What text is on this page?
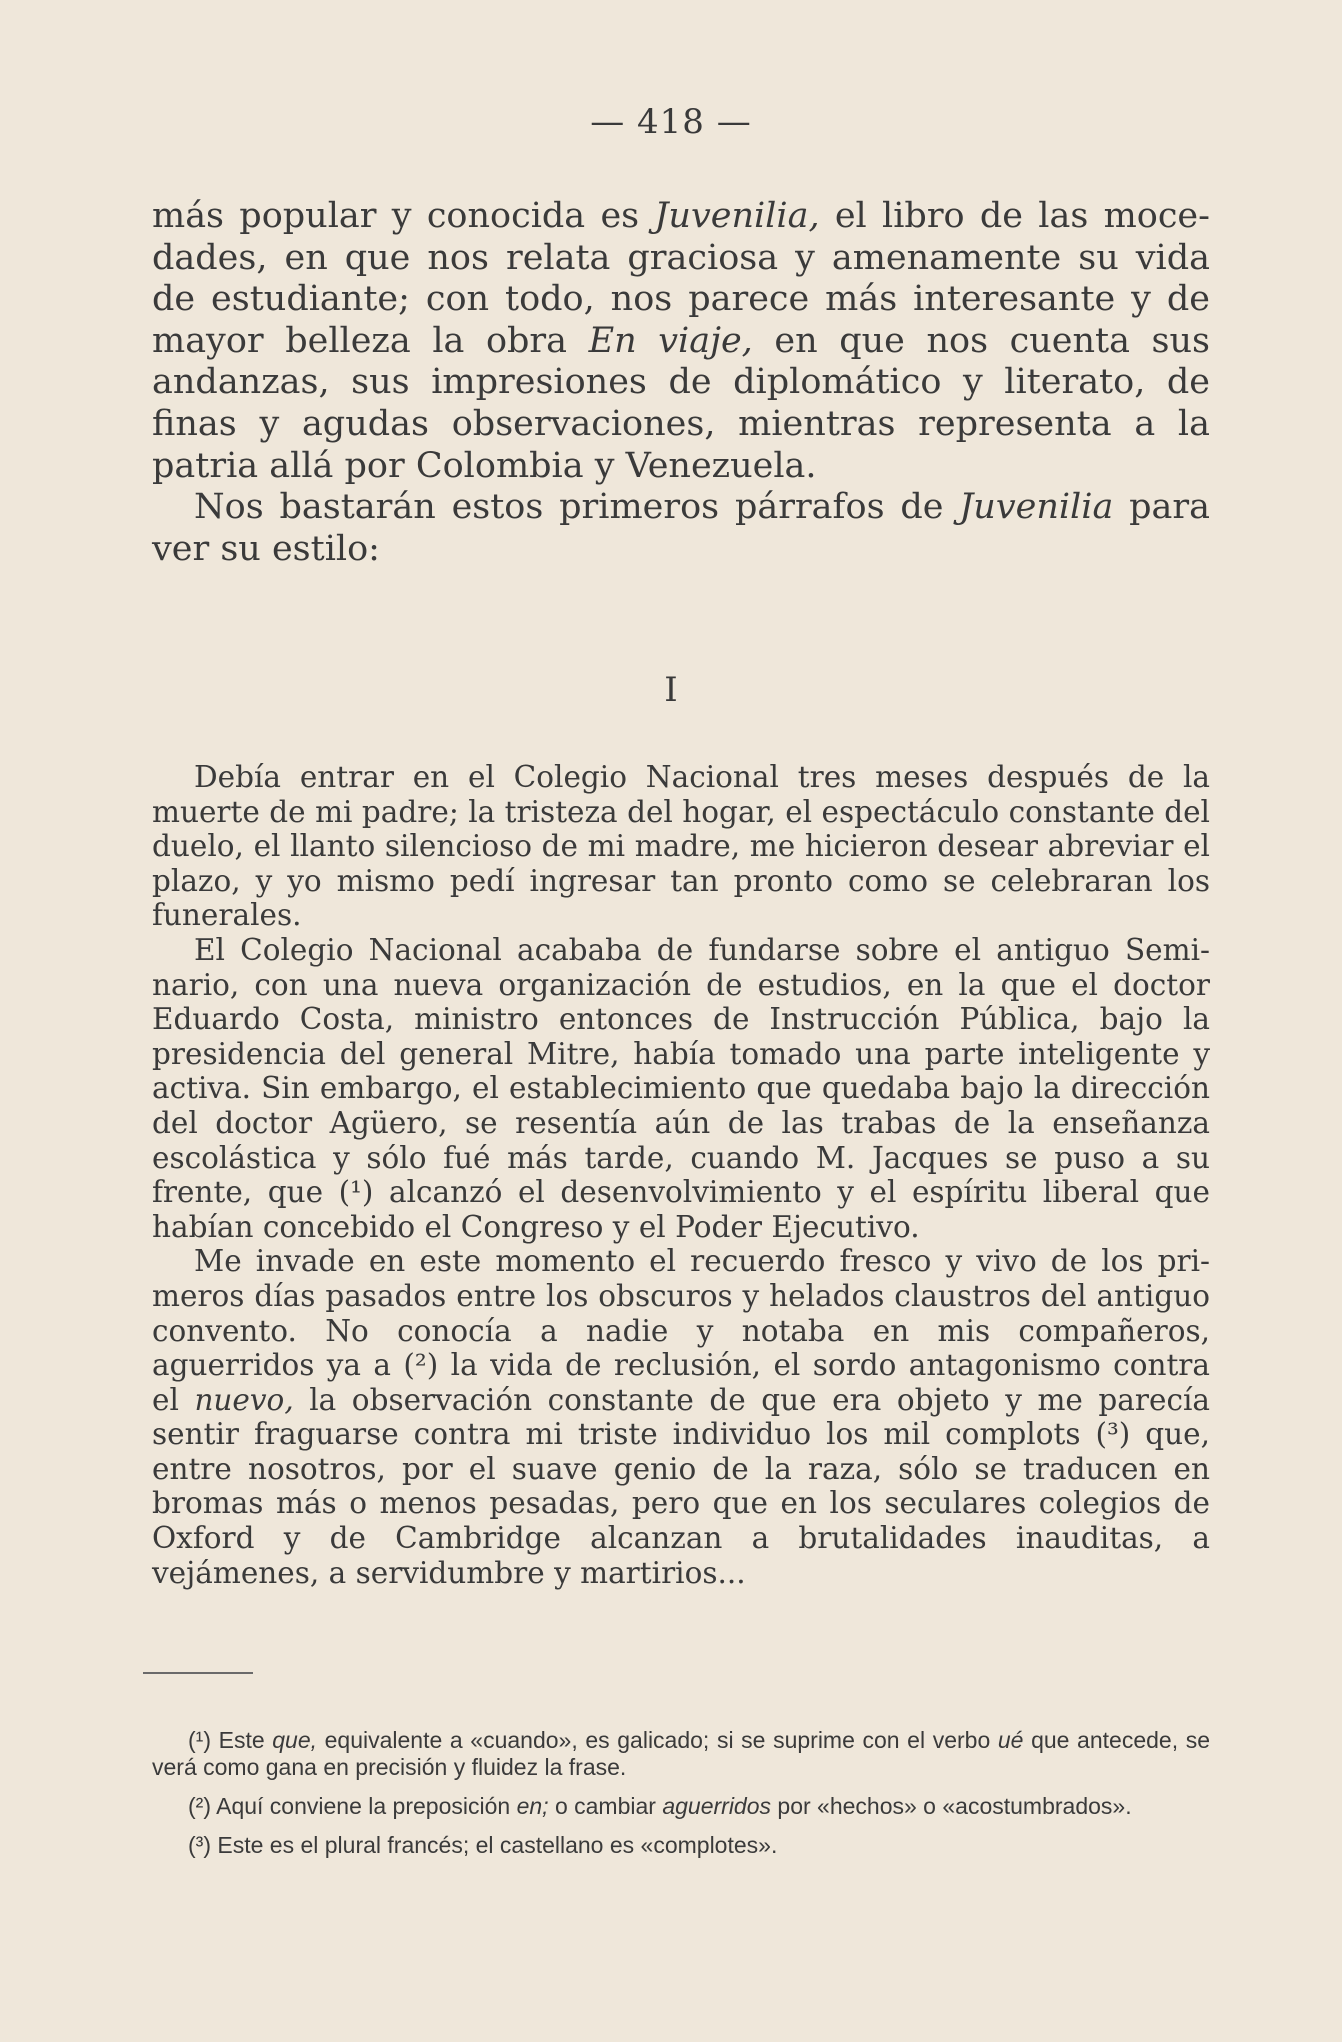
— 418 —

más popular y conocida es Juvenilia, el libro de las mocedades, en que nos relata graciosa y amenamente su vida de estudiante; con todo, nos parece más interesante y de mayor belleza la obra En viaje, en que nos cuenta sus andanzas, sus impresiones de diplomático y literato, de finas y agudas observaciones, mientras representa a la patria allá por Colombia y Venezuela.

Nos bastarán estos primeros párrafos de Juvenilia para ver su estilo:

I

Debía entrar en el Colegio Nacional tres meses después de la muerte de mi padre; la tristeza del hogar, el espectáculo constante del duelo, el llanto silencioso de mi madre, me hicieron desear abreviar el plazo, y yo mismo pedí ingresar tan pronto como se celebraran los funerales.

El Colegio Nacional acababa de fundarse sobre el antiguo Seminario, con una nueva organización de estudios, en la que el doctor Eduardo Costa, ministro entonces de Instrucción Pública, bajo la presidencia del general Mitre, había tomado una parte inteligente y activa. Sin embargo, el establecimiento que quedaba bajo la dirección del doctor Agüero, se resentía aún de las trabas de la enseñanza escolástica y sólo fué más tarde, cuando M. Jacques se puso a su frente, que (¹) alcanzó el desenvolvimiento y el espíritu liberal que habían concebido el Congreso y el Poder Ejecutivo.

Me invade en este momento el recuerdo fresco y vivo de los primeros días pasados entre los obscuros y helados claustros del antiguo convento. No conocía a nadie y notaba en mis compañeros, aguerridos ya a (²) la vida de reclusión, el sordo antagonismo contra el nuevo, la observación constante de que era objeto y me parecía sentir fraguarse contra mi triste individuo los mil complots (³) que, entre nosotros, por el suave genio de la raza, sólo se traducen en bromas más o menos pesadas, pero que en los seculares colegios de Oxford y de Cambridge alcanzan a brutalidades inauditas, a vejámenes, a servidumbre y martirios...

(¹) Este que, equivalente a «cuando», es galicado; si se suprime con el verbo ué que antecede, se verá como gana en precisión y fluidez la frase.

(²) Aquí conviene la preposición en; o cambiar aguerridos por «hechos» o «acostumbrados».

(³) Este es el plural francés; el castellano es «complotes».
